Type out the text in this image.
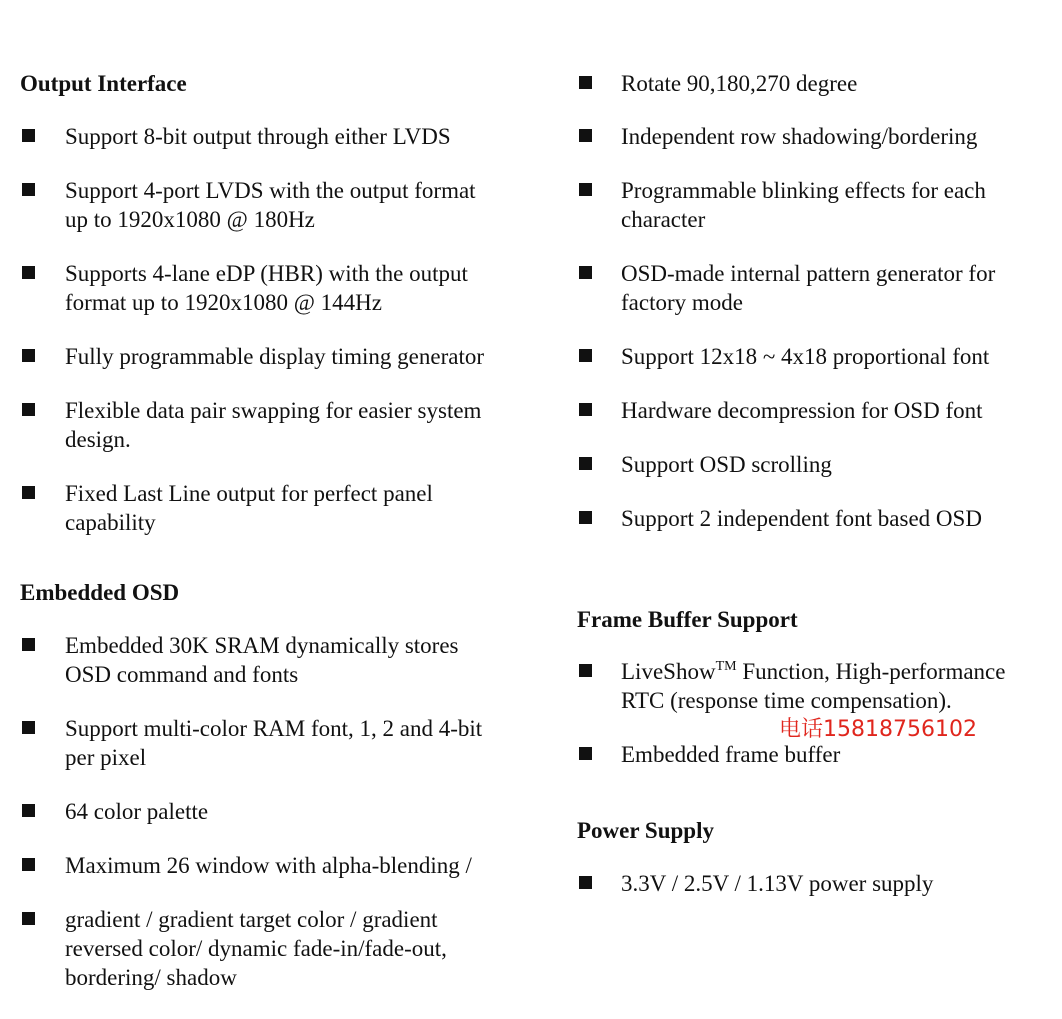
Output Interface
Support 8-bit output through either LVDS
Support 4-port LVDS with the output format
up to 1920x1080 @ 180Hz
Supports 4-lane eDP (HBR) with the output
format up to 1920x1080 @ 144Hz
Fully programmable display timing generator
Flexible data pair swapping for easier system
design.
Fixed Last Line output for perfect panel
capability
Embedded OSD
Embedded 30K SRAM dynamically stores
OSD command and fonts
Support multi-color RAM font, 1, 2 and 4-bit
per pixel
64 color palette
Maximum 26 window with alpha-blending /
gradient / gradient target color / gradient
reversed color/ dynamic fade-in/fade-out,
bordering/ shadow
Rotate 90,180,270 degree
Independent row shadowing/bordering
Programmable blinking effects for each
character
OSD-made internal pattern generator for
factory mode
Support 12x18 ~ 4x18 proportional font
Hardware decompression for OSD font
Support OSD scrolling
Support 2 independent font based OSD
Frame Buffer Support
LiveShow™ Function, High-performance
RTC (response time compensation).
电话15818756102
Embedded frame buffer
Power Supply
3.3V / 2.5V / 1.13V power supply
